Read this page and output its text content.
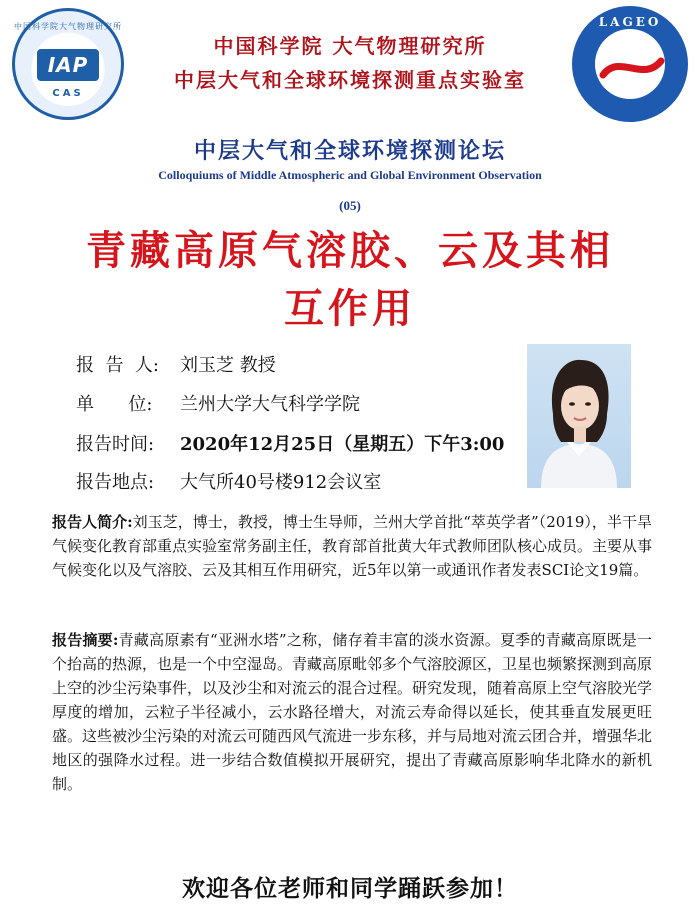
中国科学院大气物理研究所
IAP
CAS
LAGEO
中国科学院 大气物理研究所
中层大气和全球环境探测重点实验室
中层大气和全球环境探测论坛
Colloquiums of Middle Atmospheric and Global Environment Observation
(05)
青藏高原气溶胶、云及其相
互作用
报  告  人: 刘玉芝 教授
单      位: 兰州大学大气科学学院
报告时间: 2020年12月25日（星期五）下午3:00
报告地点: 大气所40号楼912会议室
报告人简介:刘玉芝，博士，教授，博士生导师，兰州大学首批“萃英学者”（2019），半干旱气候变化教育部重点实验室常务副主任，教育部首批黄大年式教师团队核心成员。主要从事气候变化以及气溶胶、云及其相互作用研究，近5年以第一或通讯作者发表SCI论文19篇。
报告摘要:青藏高原素有“亚洲水塔”之称，储存着丰富的淡水资源。夏季的青藏高原既是一个抬高的热源，也是一个中空湿岛。青藏高原毗邻多个气溶胶源区，卫星也频繁探测到高原上空的沙尘污染事件，以及沙尘和对流云的混合过程。研究发现，随着高原上空气溶胶光学厚度的增加，云粒子半径减小，云水路径增大，对流云寿命得以延长，使其垂直发展更旺盛。这些被沙尘污染的对流云可随西风气流进一步东移，并与局地对流云团合并，增强华北地区的强降水过程。进一步结合数值模拟开展研究，提出了青藏高原影响华北降水的新机制。
欢迎各位老师和同学踊跃参加！
